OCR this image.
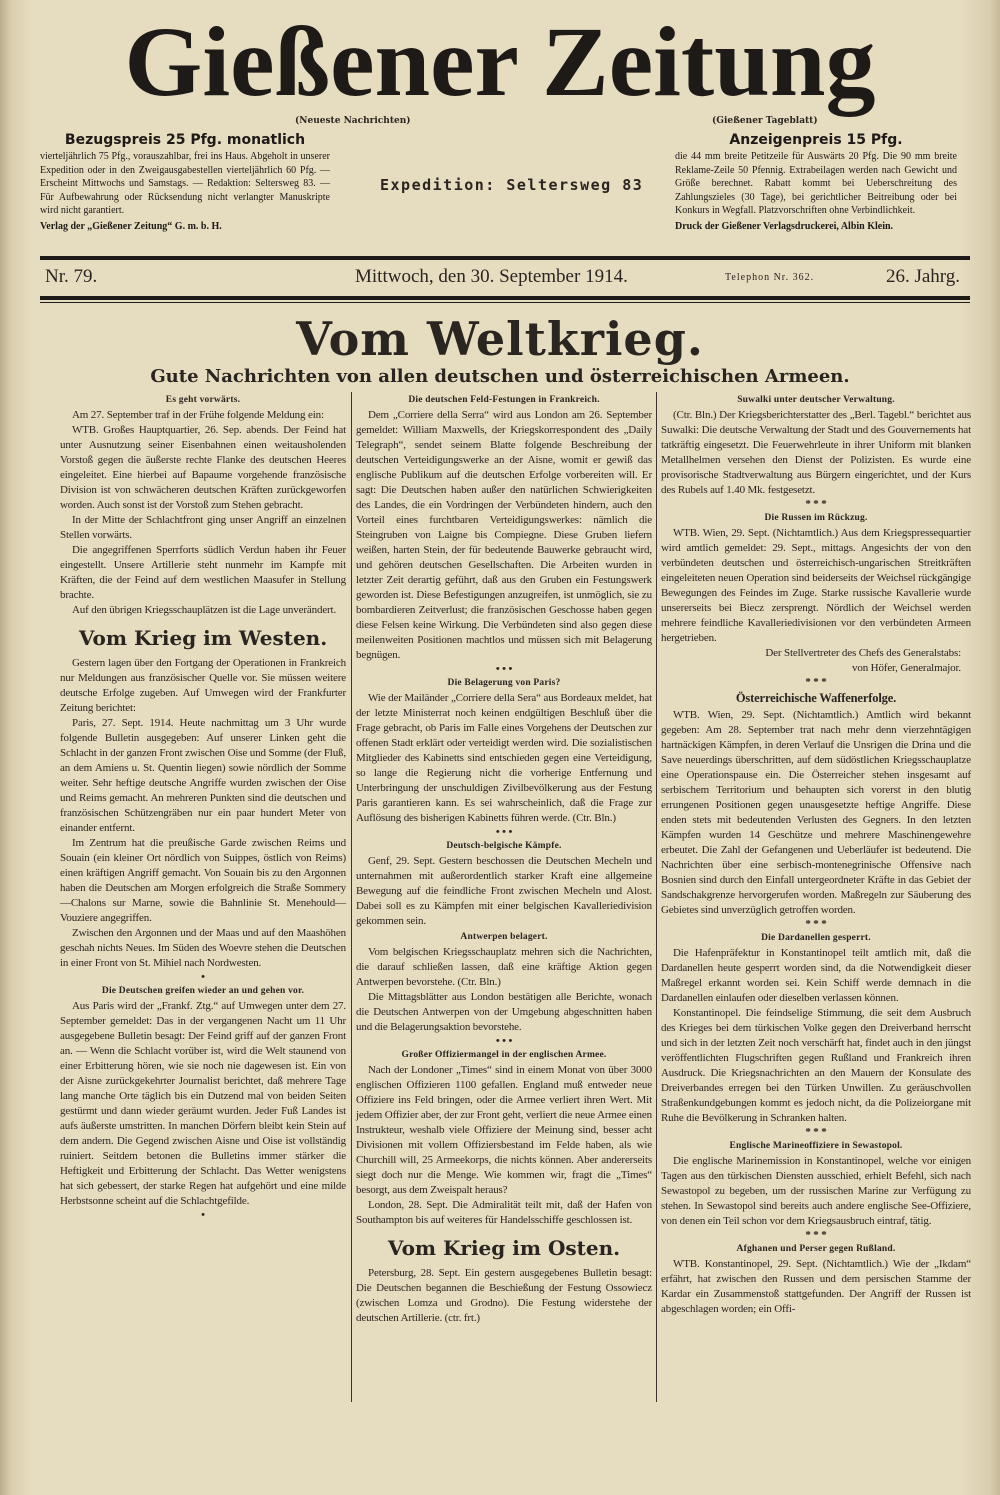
Gießener Zeitung
(Neueste Nachrichten)	(Gießener Tageblatt)
Bezugspreis 25 Pfg. monatlich
vierteljährlich 75 Pfg., vorauszahlbar, frei ins Haus. Abgeholt in unserer Expedition oder in den Zweigausgabestellen vierteljährlich 60 Pfg. — Erscheint Mittwochs und Samstags. — Redaktion: Seltersweg 83. — Für Aufbewahrung oder Rücksendung nicht verlangter Manuskripte wird nicht garantiert.
Verlag der „Gießener Zeitung“ G. m. b. H.
Expedition: Seltersweg 83
Anzeigenpreis 15 Pfg.
die 44 mm breite Petitzeile für Auswärts 20 Pfg. Die 90 mm breite Reklame-Zeile 50 Pfennig. Extrabeilagen werden nach Gewicht und Größe berechnet. Rabatt kommt bei Ueberschreitung des Zahlungszieles (30 Tage), bei gerichtlicher Beitreibung oder bei Konkurs in Wegfall. Platzvorschriften ohne Verbindlichkeit.
Druck der Gießener Verlagsdruckerei, Albin Klein.
Nr. 79.	Mittwoch, den 30. September 1914.	Telephon Nr. 362.	26. Jahrg.
Vom Weltkrieg.
Gute Nachrichten von allen deutschen und österreichischen Armeen.
Es geht vorwärts.

Am 27. September traf in der Frühe folgende Meldung ein:

WTB. Großes Hauptquartier, 26. Sep. abends. Der Feind hat unter Ausnutzung seiner Eisenbahnen einen weitausholenden Vorstoß gegen die äußerste rechte Flanke des deutschen Heeres eingeleitet. Eine hierbei auf Bapaume vorgehende französische Division ist von schwächeren deutschen Kräften zurückgeworfen worden. Auch sonst ist der Vorstoß zum Stehen gebracht.

In der Mitte der Schlachtfront ging unser Angriff an einzelnen Stellen vorwärts.

Die angegriffenen Sperrforts südlich Verdun haben ihr Feuer eingestellt. Unsere Artillerie steht nunmehr im Kampfe mit Kräften, die der Feind auf dem westlichen Maasufer in Stellung brachte.

Auf den übrigen Kriegsschauplätzen ist die Lage unverändert.

Vom Krieg im Westen.

Gestern lagen über den Fortgang der Operationen in Frankreich nur Meldungen aus französischer Quelle vor. Sie müssen weitere deutsche Erfolge zugeben. Auf Umwegen wird der Frankfurter Zeitung berichtet:

Paris, 27. Sept. 1914. Heute nachmittag um 3 Uhr wurde folgende Bulletin ausgegeben: Auf unserer Linken geht die Schlacht in der ganzen Front zwischen Oise und Somme (der Fluß, an dem Amiens u. St. Quentin liegen) sowie nördlich der Somme weiter. Sehr heftige deutsche Angriffe wurden zwischen der Oise und Reims gemacht. An mehreren Punkten sind die deutschen und französischen Schützengräben nur ein paar hundert Meter von einander entfernt.

Im Zentrum hat die preußische Garde zwischen Reims und Souain (ein kleiner Ort nördlich von Suippes, östlich von Reims) einen kräftigen Angriff gemacht. Von Souain bis zu den Argonnen haben die Deutschen am Morgen erfolgreich die Straße Sommery—Chalons sur Marne, sowie die Bahnlinie St. Menehould—Vouziere angegriffen.

Zwischen den Argonnen und der Maas und auf den Maashöhen geschah nichts Neues. Im Süden des Woevre stehen die Deutschen in einer Front von St. Mihiel nach Nordwesten.

•
Die Deutschen greifen wieder an und gehen vor.

Aus Paris wird der „Frankf. Ztg.“ auf Umwegen unter dem 27. September gemeldet: Das in der vergangenen Nacht um 11 Uhr ausgegebene Bulletin besagt: Der Feind griff auf der ganzen Front an. — Wenn die Schlacht vorüber ist, wird die Welt staunend von einer Erbitterung hören, wie sie noch nie dagewesen ist. Ein von der Aisne zurückgekehrter Journalist berichtet, daß mehrere Tage lang manche Orte täglich bis ein Dutzend mal von beiden Seiten gestürmt und dann wieder geräumt wurden. Jeder Fuß Landes ist aufs äußerste umstritten. In manchen Dörfern bleibt kein Stein auf dem andern. Die Gegend zwischen Aisne und Oise ist vollständig ruiniert. Seitdem betonen die Bulletins immer stärker die Heftigkeit und Erbitterung der Schlacht. Das Wetter wenigstens hat sich gebessert, der starke Regen hat aufgehört und eine milde Herbstsonne scheint auf die Schlachtgefilde.

•
Die deutschen Feld-Festungen in Frankreich.

Dem „Corriere della Serra“ wird aus London am 26. September gemeldet: William Maxwells, der Kriegskorrespondent des „Daily Telegraph“, sendet seinem Blatte folgende Beschreibung der deutschen Verteidigungswerke an der Aisne, womit er gewiß das englische Publikum auf die deutschen Erfolge vorbereiten will. Er sagt: Die Deutschen haben außer den natürlichen Schwierigkeiten des Landes, die ein Vordringen der Verbündeten hindern, auch den Vorteil eines furchtbaren Verteidigungswerkes: nämlich die Steingruben von Laigne bis Compiegne. Diese Gruben liefern weißen, harten Stein, der für bedeutende Bauwerke gebraucht wird, und gehören deutschen Gesellschaften. Die Arbeiten wurden in letzter Zeit derartig geführt, daß aus den Gruben ein Festungswerk geworden ist. Diese Befestigungen anzugreifen, ist unmöglich, sie zu bombardieren Zeitverlust; die französischen Geschosse haben gegen diese Felsen keine Wirkung. Die Verbündeten sind also gegen diese meilenweiten Positionen machtlos und müssen sich mit Belagerung begnügen.

• • •
Die Belagerung von Paris?

Wie der Mailänder „Corriere della Sera“ aus Bordeaux meldet, hat der letzte Ministerrat noch keinen endgültigen Beschluß über die Frage gebracht, ob Paris im Falle eines Vorgehens der Deutschen zur offenen Stadt erklärt oder verteidigt werden wird. Die sozialistischen Mitglieder des Kabinetts sind entschieden gegen eine Verteidigung, so lange die Regierung nicht die vorherige Entfernung und Unterbringung der unschuldigen Zivilbevölkerung aus der Festung Paris garantieren kann. Es sei wahrscheinlich, daß die Frage zur Auflösung des bisherigen Kabinetts führen werde. (Ctr. Bln.)

• • •
Deutsch-belgische Kämpfe.

Genf, 29. Sept. Gestern beschossen die Deutschen Mecheln und unternahmen mit außerordentlich starker Kraft eine allgemeine Bewegung auf die feindliche Front zwischen Mecheln und Alost. Dabei soll es zu Kämpfen mit einer belgischen Kavalleriedivision gekommen sein.

Antwerpen belagert.

Vom belgischen Kriegsschauplatz mehren sich die Nachrichten, die darauf schließen lassen, daß eine kräftige Aktion gegen Antwerpen bevorstehe. (Ctr. Bln.)

Die Mittagsblätter aus London bestätigen alle Berichte, wonach die Deutschen Antwerpen von der Umgebung abgeschnitten haben und die Belagerungsaktion bevorstehe.

• • •
Großer Offiziermangel in der englischen Armee.

Nach der Londoner „Times“ sind in einem Monat von über 3000 englischen Offizieren 1100 gefallen. England muß entweder neue Offiziere ins Feld bringen, oder die Armee verliert ihren Wert. Mit jedem Offizier aber, der zur Front geht, verliert die neue Armee einen Instrukteur, weshalb viele Offiziere der Meinung sind, besser acht Divisionen mit vollem Offiziersbestand im Felde haben, als wie Churchill will, 25 Armeekorps, die nichts können. Aber andererseits siegt doch nur die Menge. Wie kommen wir, fragt die „Times“ besorgt, aus dem Zweispalt heraus?

London, 28. Sept. Die Admiralität teilt mit, daß der Hafen von Southampton bis auf weiteres für Handelsschiffe geschlossen ist.

Vom Krieg im Osten.

Petersburg, 28. Sept. Ein gestern ausgegebenes Bulletin besagt: Die Deutschen begannen die Beschießung der Festung Ossowiecz (zwischen Lomza und Grodno). Die Festung widerstehe der deutschen Artillerie. (ctr. frt.)

Suwalki unter deutscher Verwaltung.

(Ctr. Bln.) Der Kriegsberichterstatter des „Berl. Tagebl.“ berichtet aus Suwalki: Die deutsche Verwaltung der Stadt und des Gouvernements hat tatkräftig eingesetzt. Die Feuerwehrleute in ihrer Uniform mit blanken Metallhelmen versehen den Dienst der Polizisten. Es wurde eine provisorische Stadtverwaltung aus Bürgern eingerichtet, und der Kurs des Rubels auf 1.40 Mk. festgesetzt.

* * *
Die Russen im Rückzug.

WTB. Wien, 29. Sept. (Nichtamtlich.) Aus dem Kriegspressequartier wird amtlich gemeldet: 29. Sept., mittags. Angesichts der von den verbündeten deutschen und österreichisch-ungarischen Streitkräften eingeleiteten neuen Operation sind beiderseits der Weichsel rückgängige Bewegungen des Feindes im Zuge. Starke russische Kavallerie wurde unsererseits bei Biecz zersprengt. Nördlich der Weichsel werden mehrere feindliche Kavalleriedivisionen vor den verbündeten Armeen hergetrieben.

Der Stellvertreter des Chefs des Generalstabs:

von Höfer, Generalmajor.

* * *
Österreichische Waffenerfolge.

WTB. Wien, 29. Sept. (Nichtamtlich.) Amtlich wird bekannt gegeben: Am 28. September trat nach mehr denn vierzehntägigen hartnäckigen Kämpfen, in deren Verlauf die Unsrigen die Drina und die Save neuerdings überschritten, auf dem südöstlichen Kriegsschauplatze eine Operationspause ein. Die Österreicher stehen insgesamt auf serbischem Territorium und behaupten sich vorerst in den blutig errungenen Positionen gegen unausgesetzte heftige Angriffe. Diese enden stets mit bedeutenden Verlusten des Gegners. In den letzten Kämpfen wurden 14 Geschütze und mehrere Maschinengewehre erbeutet. Die Zahl der Gefangenen und Ueberläufer ist bedeutend. Die Nachrichten über eine serbisch-montenegrinische Offensive nach Bosnien sind durch den Einfall untergeordneter Kräfte in das Gebiet der Sandschakgrenze hervorgerufen worden. Maßregeln zur Säuberung des Gebietes sind unverzüglich getroffen worden.

* * *
Die Dardanellen gesperrt.

Die Hafenpräfektur in Konstantinopel teilt amtlich mit, daß die Dardanellen heute gesperrt worden sind, da die Notwendigkeit dieser Maßregel erkannt worden sei. Kein Schiff werde demnach in die Dardanellen einlaufen oder dieselben verlassen können.

Konstantinopel. Die feindselige Stimmung, die seit dem Ausbruch des Krieges bei dem türkischen Volke gegen den Dreiverband herrscht und sich in der letzten Zeit noch verschärft hat, findet auch in den jüngst veröffentlichten Flugschriften gegen Rußland und Frankreich ihren Ausdruck. Die Kriegsnachrichten an den Mauern der Konsulate des Dreiverbandes erregen bei den Türken Unwillen. Zu geräuschvollen Straßenkundgebungen kommt es jedoch nicht, da die Polizeiorgane mit Ruhe die Bevölkerung in Schranken halten.

* * *
Englische Marineoffiziere in Sewastopol.

Die englische Marinemission in Konstantinopel, welche vor einigen Tagen aus den türkischen Diensten ausschied, erhielt Befehl, sich nach Sewastopol zu begeben, um der russischen Marine zur Verfügung zu stehen. In Sewastopol sind bereits auch andere englische See-Offiziere, von denen ein Teil schon vor dem Kriegsausbruch eintraf, tätig.

* * *
Afghanen und Perser gegen Rußland.

WTB. Konstantinopel, 29. Sept. (Nichtamtlich.) Wie der „Ikdam“ erfährt, hat zwischen den Russen und dem persischen Stamme der Kardar ein Zusammenstoß stattgefunden. Der Angriff der Russen ist abgeschlagen worden; ein Offi-
